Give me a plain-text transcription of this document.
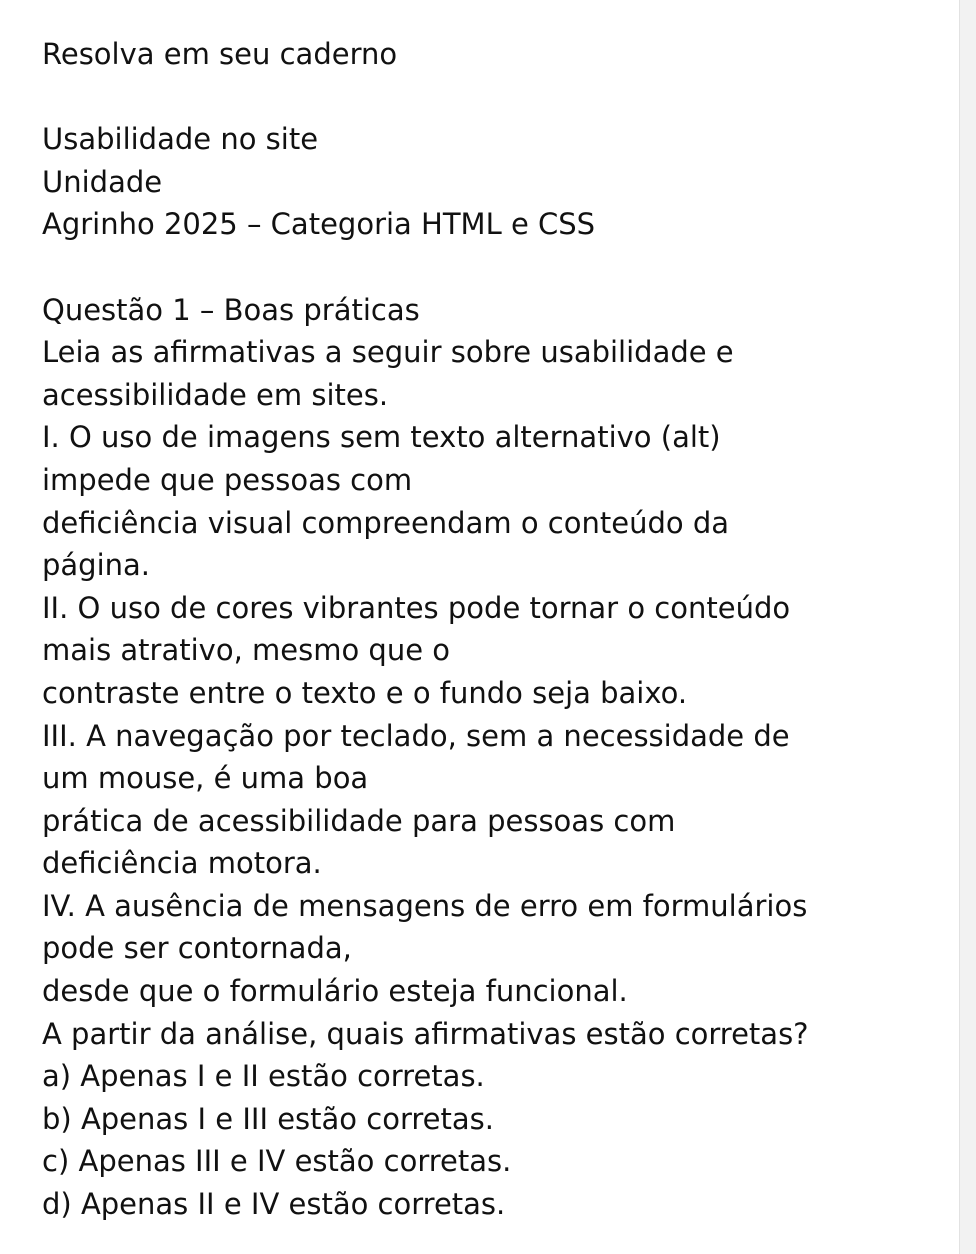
Resolva em seu caderno
Usabilidade no site
Unidade
Agrinho 2025 – Categoria HTML e CSS
Questão 1 – Boas práticas
Leia as afirmativas a seguir sobre usabilidade e
acessibilidade em sites.
I. O uso de imagens sem texto alternativo (alt)
impede que pessoas com
deficiência visual compreendam o conteúdo da
página.
II. O uso de cores vibrantes pode tornar o conteúdo
mais atrativo, mesmo que o
contraste entre o texto e o fundo seja baixo.
III. A navegação por teclado, sem a necessidade de
um mouse, é uma boa
prática de acessibilidade para pessoas com
deficiência motora.
IV. A ausência de mensagens de erro em formulários
pode ser contornada,
desde que o formulário esteja funcional.
A partir da análise, quais afirmativas estão corretas?
a) Apenas I e II estão corretas.
b) Apenas I e III estão corretas.
c) Apenas III e IV estão corretas.
d) Apenas II e IV estão corretas.
